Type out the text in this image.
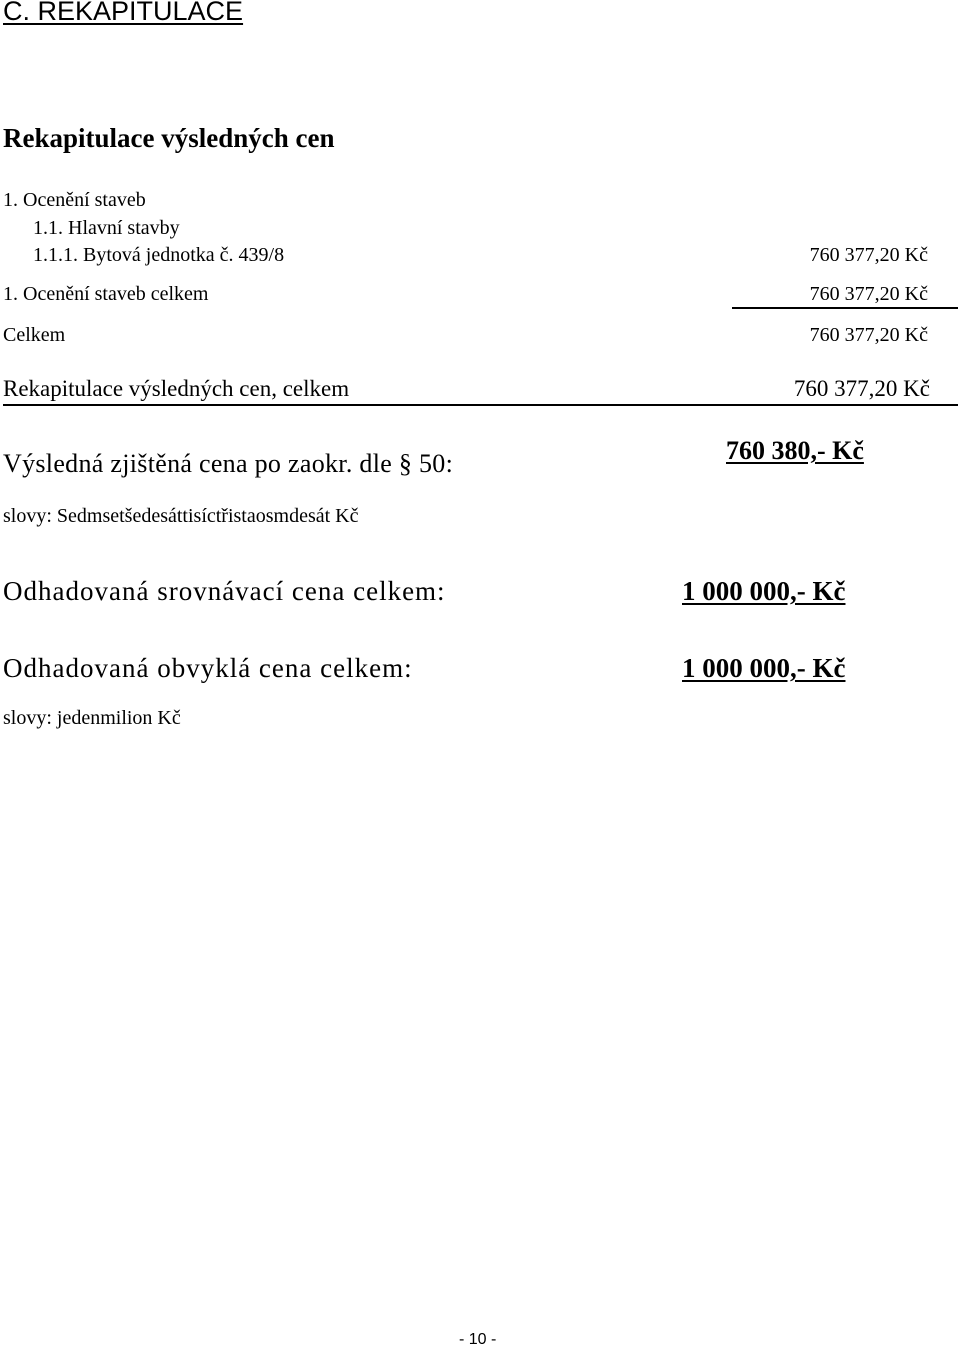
C. REKAPITULACE
Rekapitulace výsledných cen
1. Ocenění staveb
1.1. Hlavní stavby
1.1.1. Bytová jednotka č. 439/8	760 377,20 Kč
1. Ocenění staveb celkem	760 377,20 Kč
Celkem	760 377,20 Kč
Rekapitulace výsledných cen, celkem	760 377,20 Kč
Výsledná zjištěná cena po zaokr. dle § 50:	760 380,- Kč
slovy: Sedmsetšedesáttisíctřistaosmdesát Kč
Odhadovaná srovnávací cena celkem:	1 000 000,- Kč
Odhadovaná obvyklá cena celkem:	1 000 000,- Kč
slovy: jedenmilion Kč
- 10 -
